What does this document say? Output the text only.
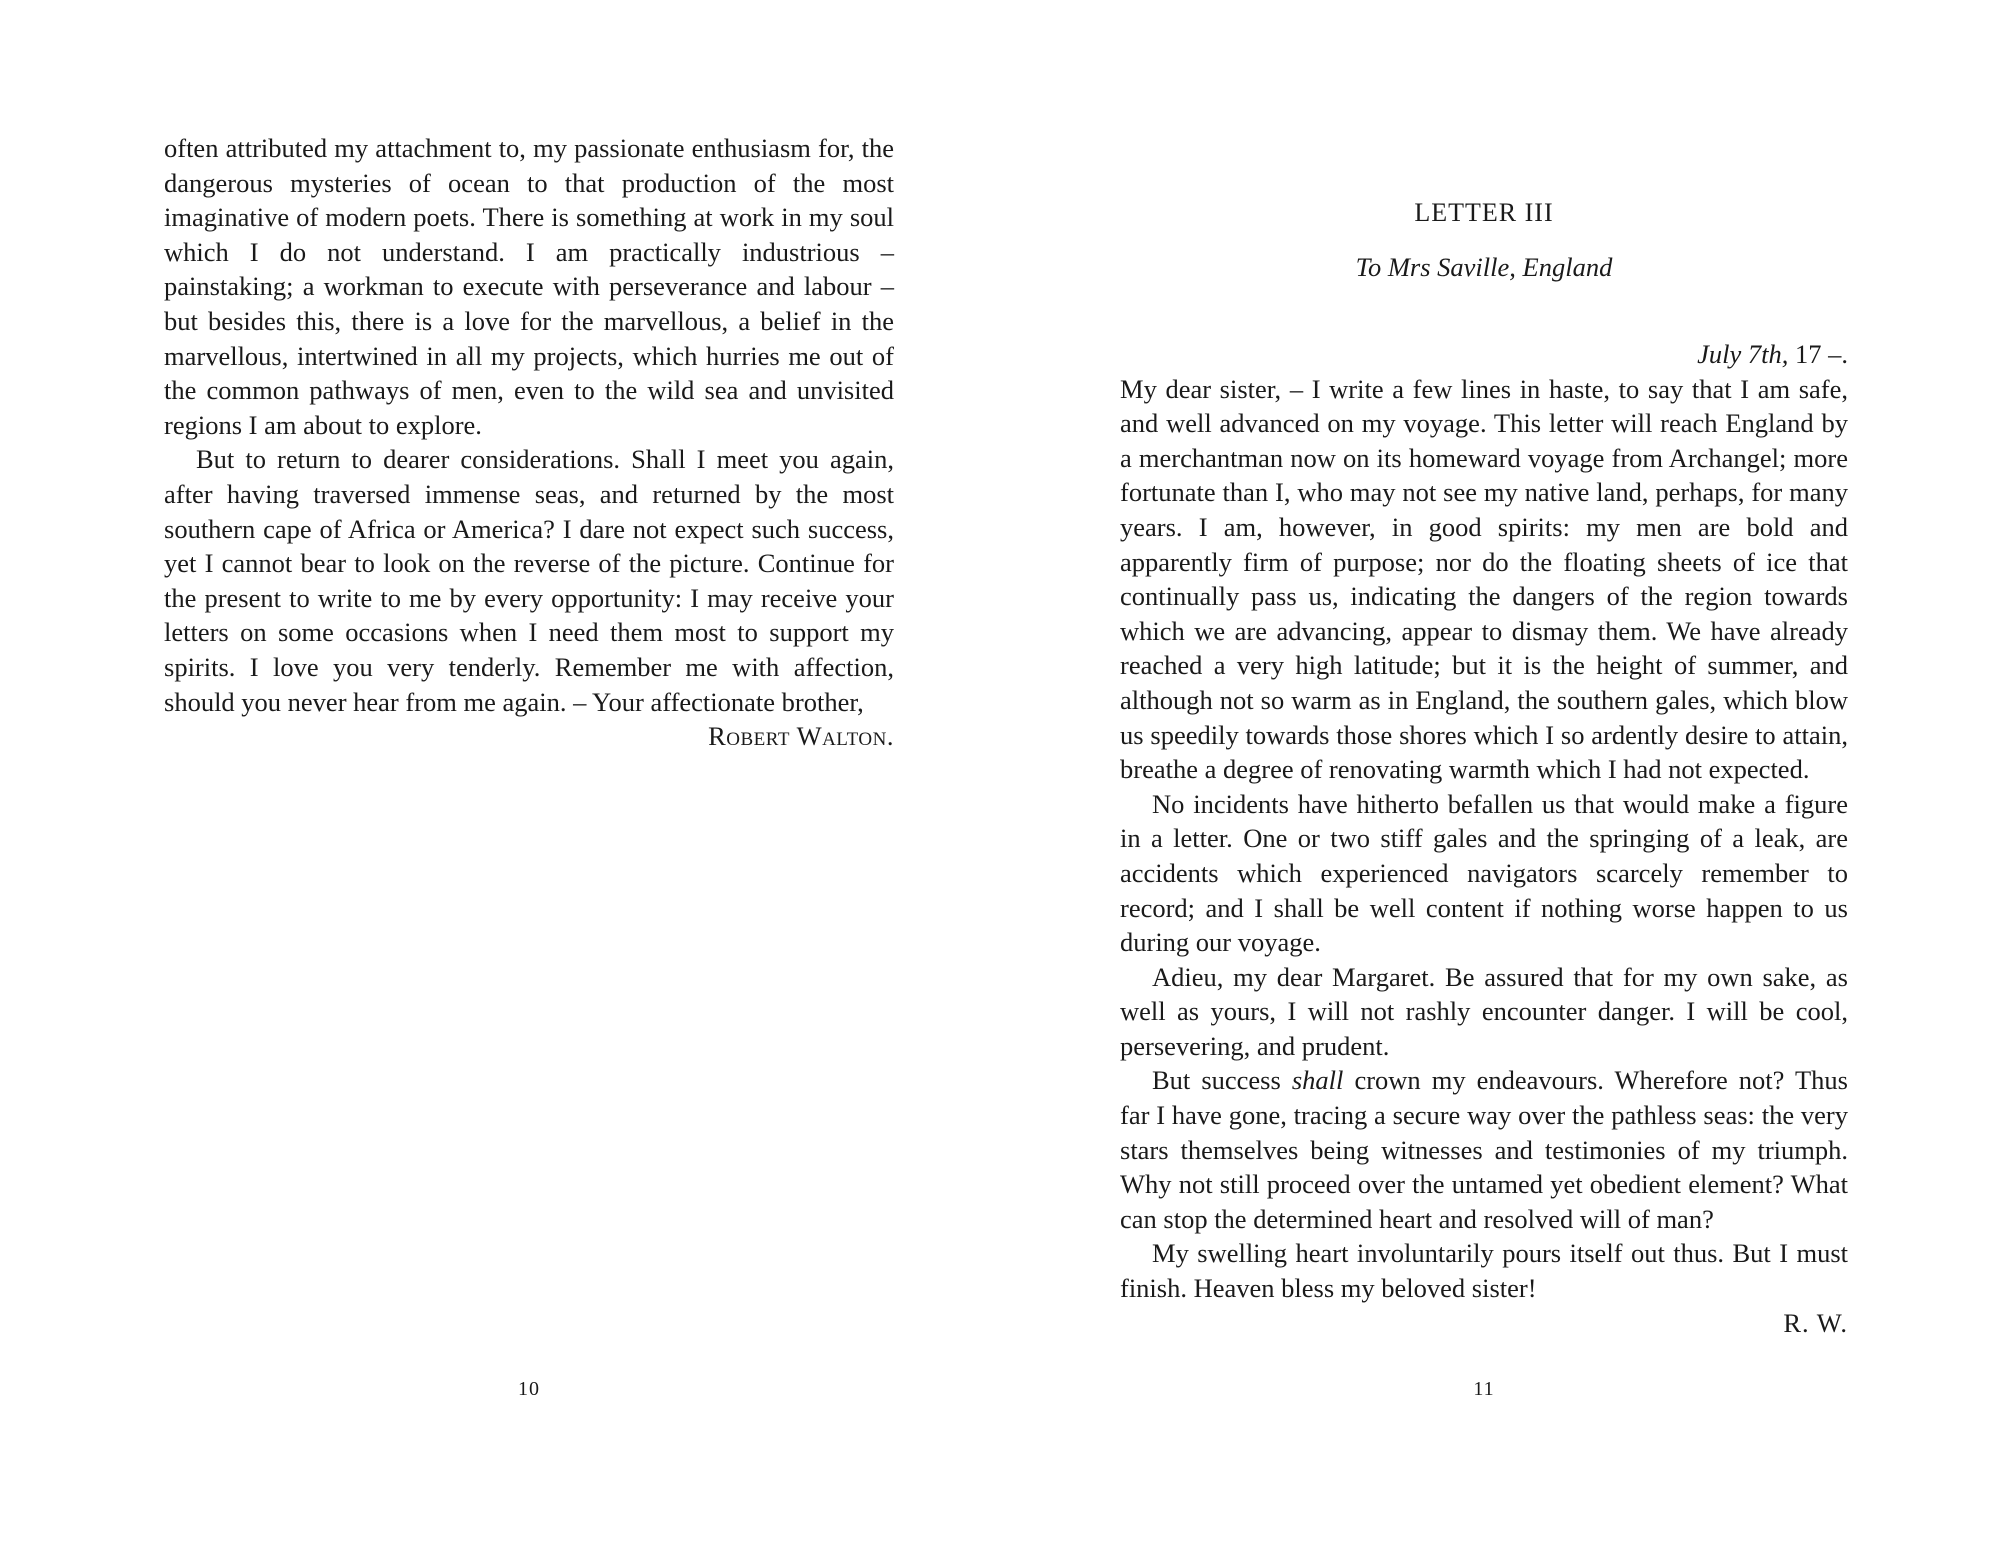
often attributed my attachment to, my passionate enthusiasm for, the dangerous mysteries of ocean to that production of the most imaginative of modern poets. There is something at work in my soul which I do not understand. I am practically industrious – painstaking; a workman to execute with perseverance and labour – but besides this, there is a love for the marvellous, a belief in the marvellous, intertwined in all my projects, which hurries me out of the common pathways of men, even to the wild sea and unvisited regions I am about to explore.

But to return to dearer considerations. Shall I meet you again, after having traversed immense seas, and returned by the most southern cape of Africa or America? I dare not expect such success, yet I cannot bear to look on the reverse of the picture. Continue for the present to write to me by every opportunity: I may receive your letters on some occasions when I need them most to support my spirits. I love you very tenderly. Remember me with affection, should you never hear from me again. – Your affectionate brother,

Robert Walton.

10
LETTER III
To Mrs Saville, England

July 7th, 17 –.

My dear sister, – I write a few lines in haste, to say that I am safe, and well advanced on my voyage. This letter will reach England by a merchantman now on its homeward voyage from Archangel; more fortunate than I, who may not see my native land, perhaps, for many years. I am, however, in good spirits: my men are bold and apparently firm of purpose; nor do the floating sheets of ice that continually pass us, indicating the dangers of the region towards which we are advancing, appear to dismay them. We have already reached a very high latitude; but it is the height of summer, and although not so warm as in England, the southern gales, which blow us speedily towards those shores which I so ardently desire to attain, breathe a degree of renovating warmth which I had not expected.

No incidents have hitherto befallen us that would make a figure in a letter. One or two stiff gales and the springing of a leak, are accidents which experienced navigators scarcely remember to record; and I shall be well content if nothing worse happen to us during our voyage.

Adieu, my dear Margaret. Be assured that for my own sake, as well as yours, I will not rashly encounter danger. I will be cool, persevering, and prudent.

But success shall crown my endeavours. Wherefore not? Thus far I have gone, tracing a secure way over the pathless seas: the very stars themselves being witnesses and testimonies of my triumph. Why not still proceed over the untamed yet obedient element? What can stop the determined heart and resolved will of man?

My swelling heart involuntarily pours itself out thus. But I must finish. Heaven bless my beloved sister!

R. W.

11
